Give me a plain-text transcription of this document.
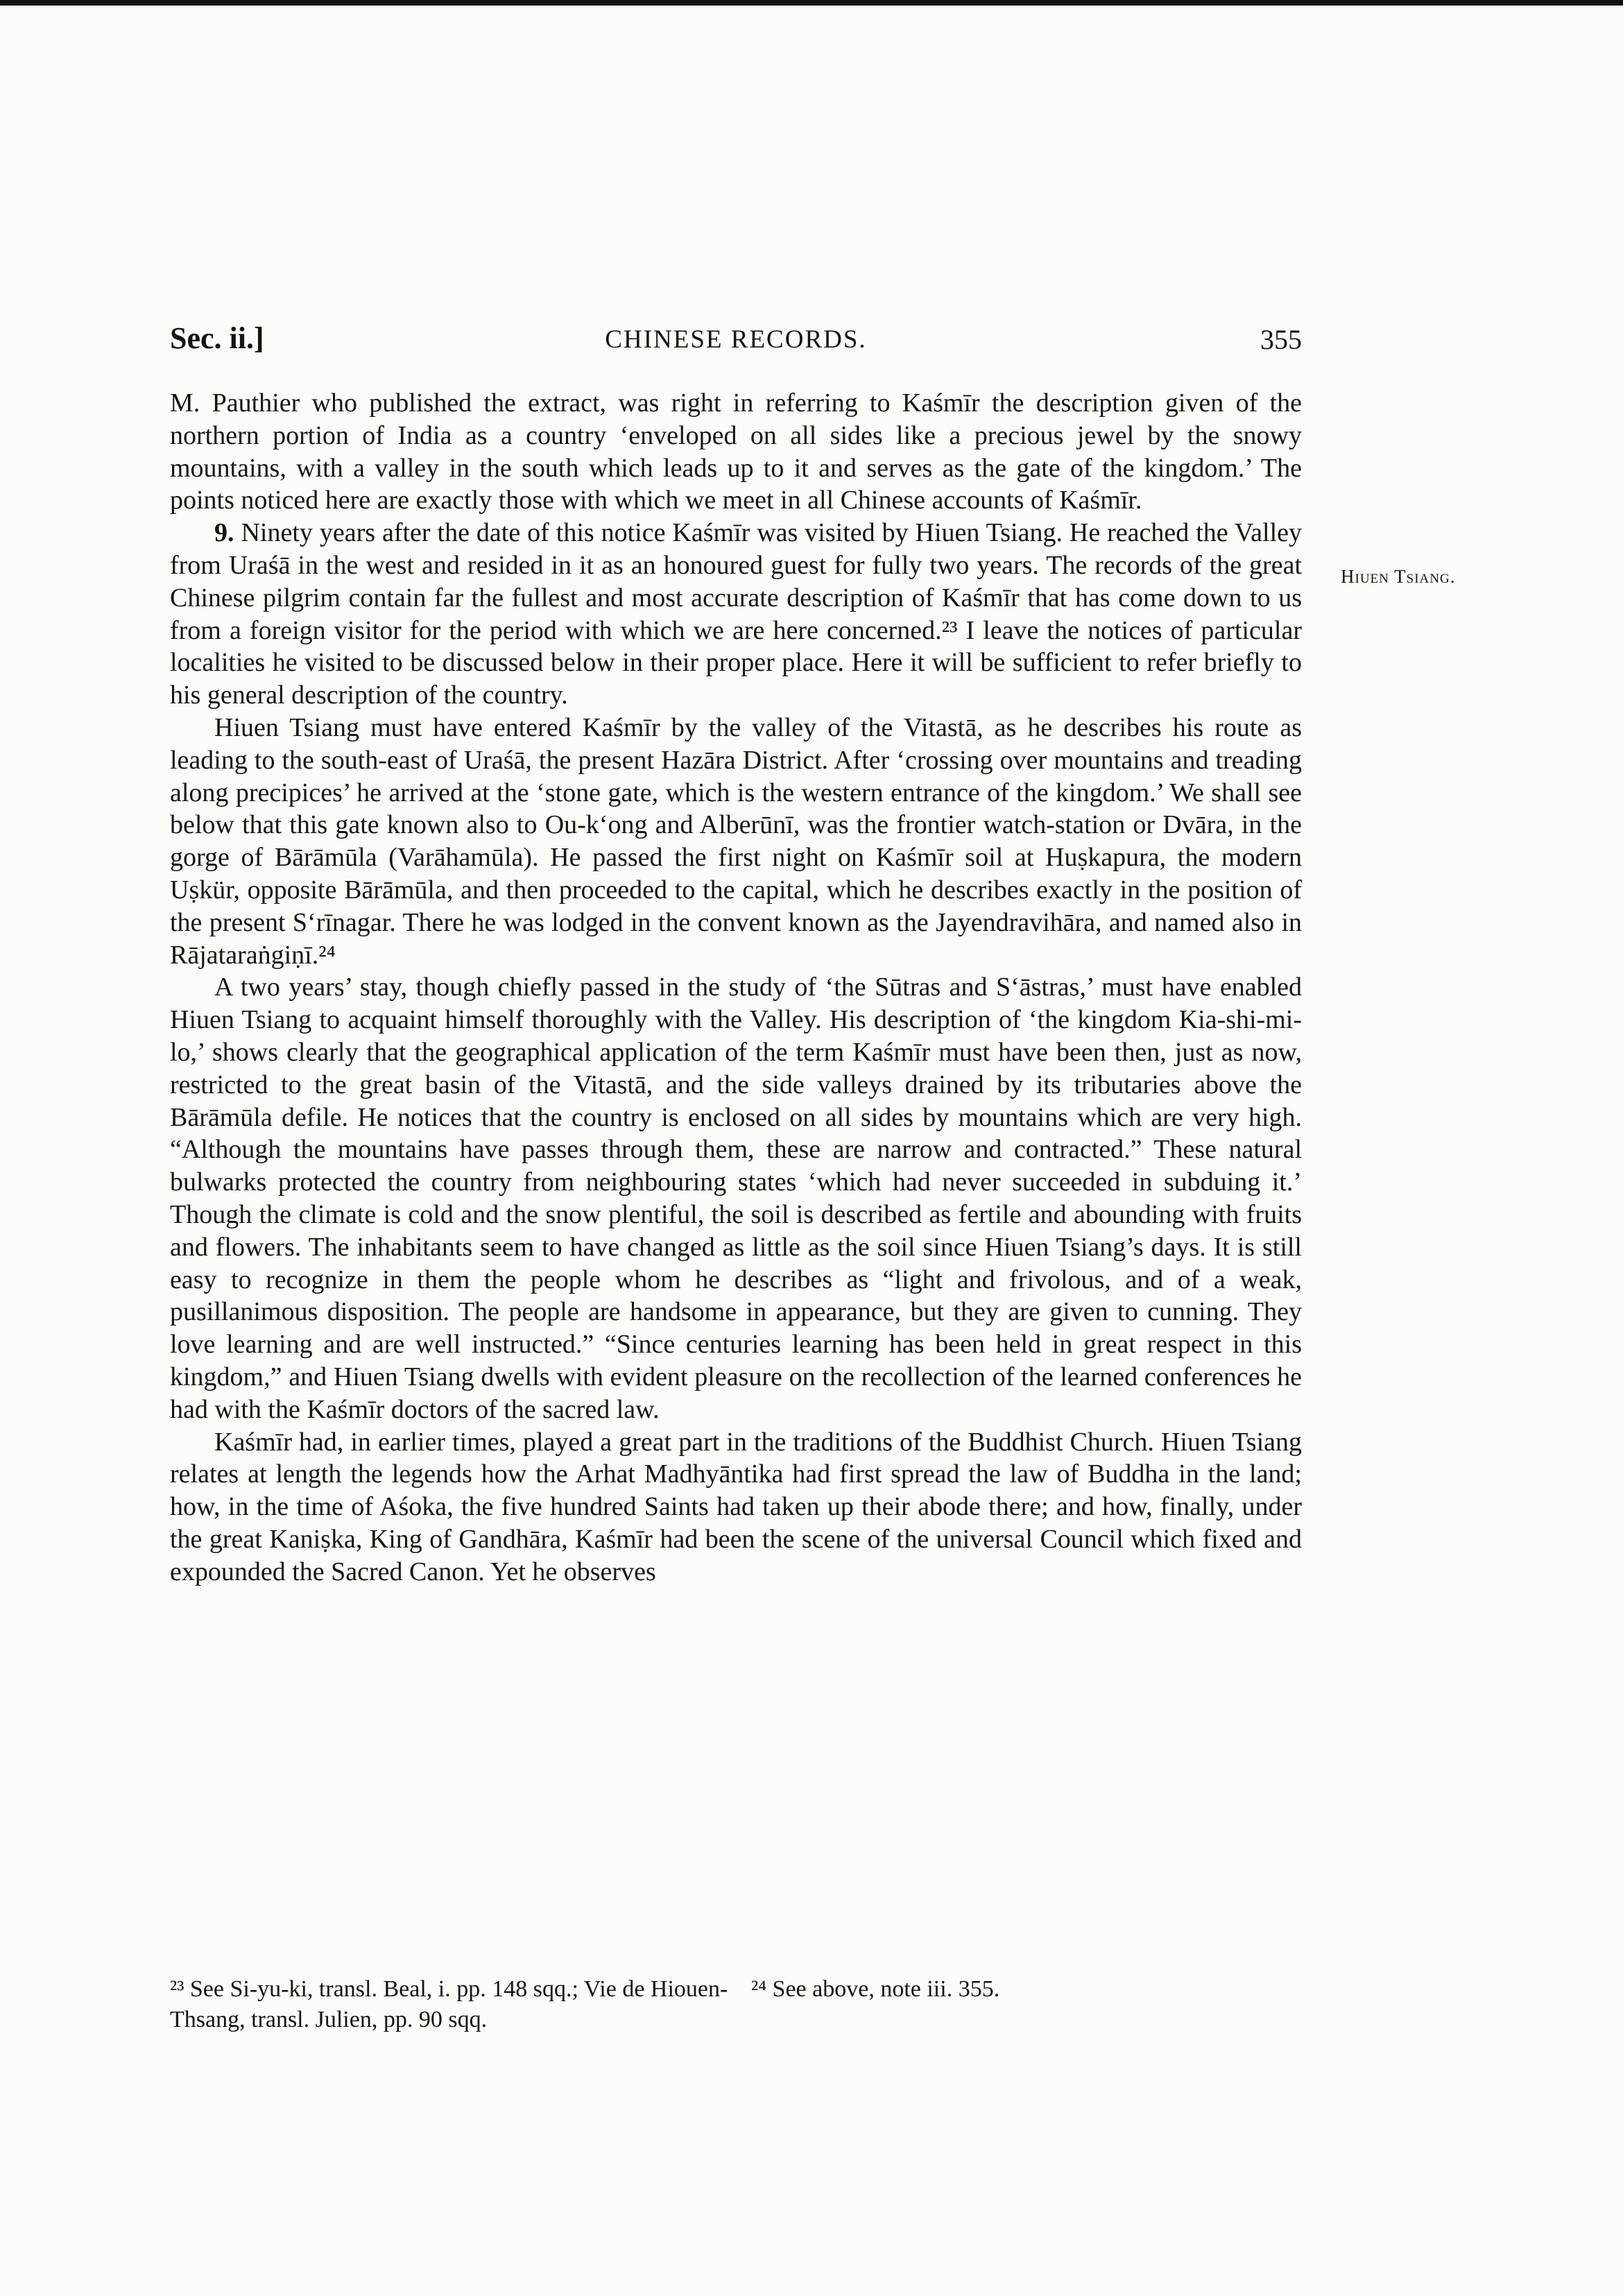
Sec. ii.]	CHINESE RECORDS.	355
Hiuen Tsiang.

M. Pauthier who published the extract, was right in referring to Kaśmīr the description given of the northern portion of India as a country ‘enveloped on all sides like a precious jewel by the snowy mountains, with a valley in the south which leads up to it and serves as the gate of the kingdom.’ The points noticed here are exactly those with which we meet in all Chinese accounts of Kaśmīr.

9. Ninety years after the date of this notice Kaśmīr was visited by Hiuen Tsiang. He reached the Valley from Uraśā in the west and resided in it as an honoured guest for fully two years. The records of the great Chinese pilgrim contain far the fullest and most accurate description of Kaśmīr that has come down to us from a foreign visitor for the period with which we are here concerned.²³ I leave the notices of particular localities he visited to be discussed below in their proper place. Here it will be sufficient to refer briefly to his general description of the country.

Hiuen Tsiang must have entered Kaśmīr by the valley of the Vitastā, as he describes his route as leading to the south-east of Uraśā, the present Hazāra District. After ‘crossing over mountains and treading along precipices’ he arrived at the ‘stone gate, which is the western entrance of the kingdom.’ We shall see below that this gate known also to Ou-k‘ong and Alberūnī, was the frontier watch-station or Dvāra, in the gorge of Bārāmūla (Varāhamūla). He passed the first night on Kaśmīr soil at Huṣkapura, the modern Uṣkür, opposite Bārāmūla, and then proceeded to the capital, which he describes exactly in the position of the present S‘rīnagar. There he was lodged in the convent known as the Jayendravihāra, and named also in Rājataraṅgiṇī.²⁴

A two years’ stay, though chiefly passed in the study of ‘the Sūtras and S‘āstras,’ must have enabled Hiuen Tsiang to acquaint himself thoroughly with the Valley. His description of ‘the kingdom Kia-shi-mi-lo,’ shows clearly that the geographical application of the term Kaśmīr must have been then, just as now, restricted to the great basin of the Vitastā, and the side valleys drained by its tributaries above the Bārāmūla defile. He notices that the country is enclosed on all sides by mountains which are very high. “Although the mountains have passes through them, these are narrow and contracted.” These natural bulwarks protected the country from neighbouring states ‘which had never succeeded in subduing it.’ Though the climate is cold and the snow plentiful, the soil is described as fertile and abounding with fruits and flowers. The inhabitants seem to have changed as little as the soil since Hiuen Tsiang’s days. It is still easy to recognize in them the people whom he describes as “light and frivolous, and of a weak, pusillanimous disposition. The people are handsome in appearance, but they are given to cunning. They love learning and are well instructed.” “Since centuries learning has been held in great respect in this kingdom,” and Hiuen Tsiang dwells with evident pleasure on the recollection of the learned conferences he had with the Kaśmīr doctors of the sacred law.

Kaśmīr had, in earlier times, played a great part in the traditions of the Buddhist Church. Hiuen Tsiang relates at length the legends how the Arhat Madhyāntika had first spread the law of Buddha in the land; how, in the time of Aśoka, the five hundred Saints had taken up their abode there; and how, finally, under the great Kaniṣka, King of Gandhāra, Kaśmīr had been the scene of the universal Council which fixed and expounded the Sacred Canon. Yet he observes

²³ See Si-yu-ki, transl. Beal, i. pp. 148 sqq.; Vie de Hiouen-Thsang, transl. Julien, pp. 90 sqq.
²⁴ See above, note iii. 355.
